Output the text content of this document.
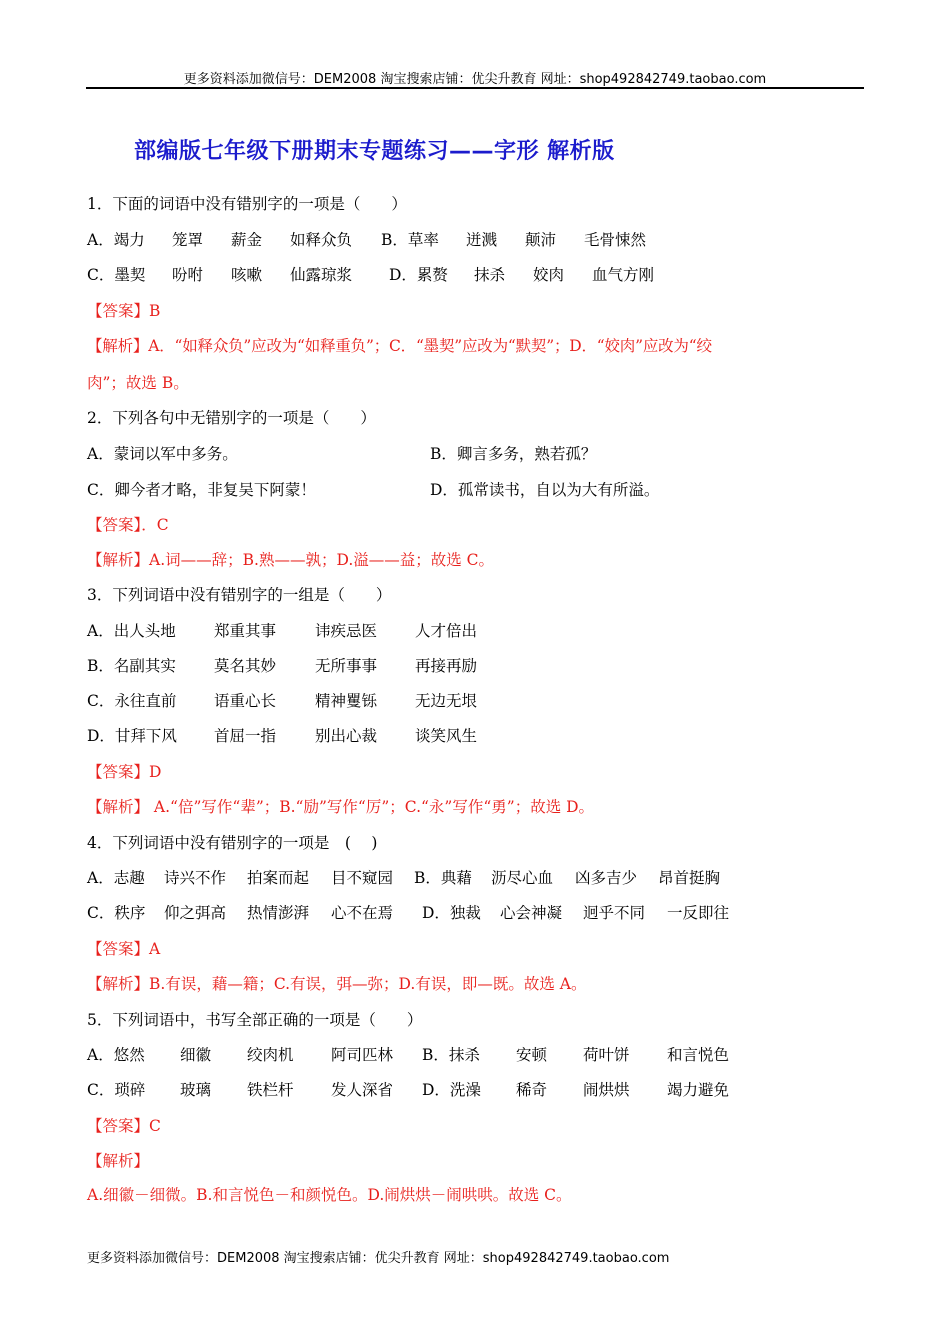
更多资料添加微信号：DEM2008 淘宝搜索店铺：优尖升教育 网址：shop492842749.taobao.com
部编版七年级下册期末专题练习——字形 解析版
1．下面的词语中没有错别字的一项是（　　）
A．竭力 笼罩 薪金 如释众负 B．草率 迸溅 颠沛 毛骨悚然
C．墨契 吩咐 咳嗽 仙露琼浆 D．累赘 抹杀 姣肉 血气方刚
【答案】B
【解析】A．“如释众负”应改为“如释重负”；C．“墨契”应改为“默契”；D．“姣肉”应改为“绞
肉”；故选 B。
2．下列各句中无错别字的一项是（　　）
A．蒙词以军中多务。	B．卿言多务，熟若孤？
C．卿今者才略，非复吴下阿蒙！	D．孤常读书，自以为大有所溢。
【答案】．C
【解析】A.词——辞；B.熟——孰；D.溢——益；故选 C。
3．下列词语中没有错别字的一组是（　　）
A．出人头地 郑重其事	讳疾忌医 人才倍出
B．名副其实 莫名其妙	无所事事 再接再励
C．永往直前 语重心长	精神矍铄 无边无垠
D．甘拜下风 首屈一指	别出心裁 谈笑风生
【答案】D
【解析】 A.“倍”写作“辈”；B.“励”写作“厉”；C.“永”写作“勇”；故选 D。
4．下列词语中没有错别字的一项是　(　 )
A．志趣 诗兴不作 拍案而起 目不窥园 B．典藉 沥尽心血 凶多吉少 昂首挺胸
C．秩序 仰之弭高 热情澎湃 心不在焉 D．独裁 心会神凝 迥乎不同 一反即往
【答案】A
【解析】B.有误，藉—籍；C.有误，弭—弥；D.有误，即—既。故选 A。
5．下列词语中，书写全部正确的一项是（　　）
A．悠然 细徽 绞肉机 阿司匹林 B．抹杀 安顿 荷叶饼 和言悦色
C．琐碎 玻璃 铁栏杆 发人深省 D．洗澡 稀奇 闹烘烘 竭力避免
【答案】C
【解析】
A.细徽－细微。B.和言悦色－和颜悦色。D.闹烘烘－闹哄哄。故选 C。
更多资料添加微信号：DEM2008 淘宝搜索店铺：优尖升教育 网址：shop492842749.taobao.com
